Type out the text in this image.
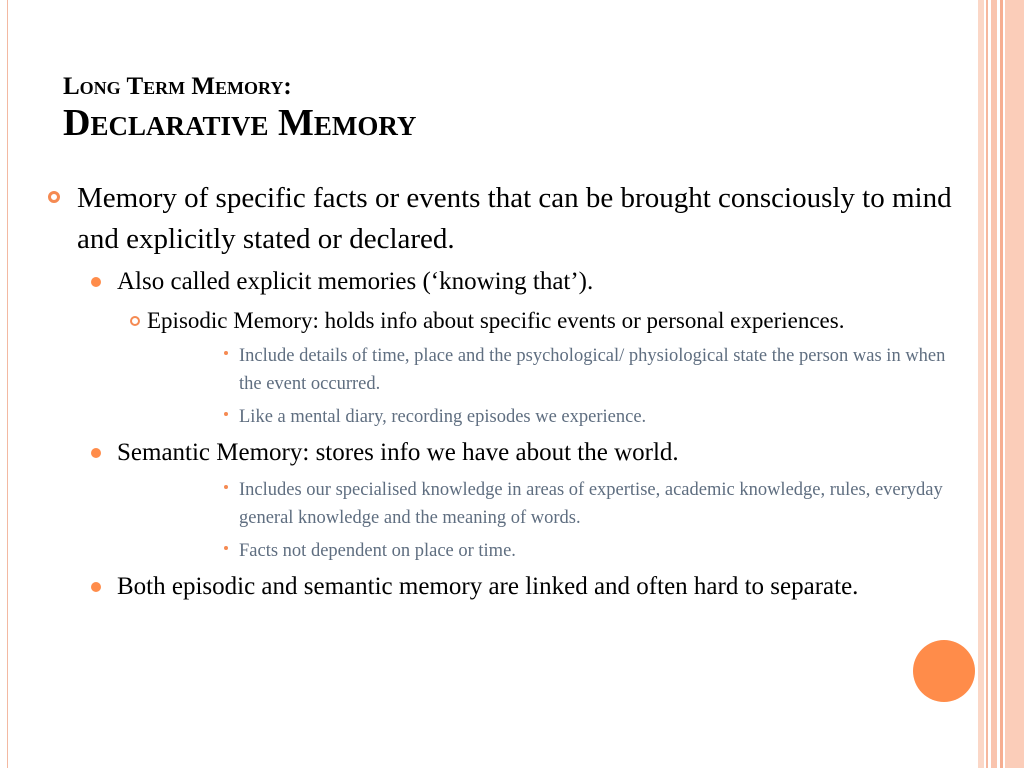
Long Term Memory:

Declarative Memory

Memory of specific facts or events that can be brought consciously to mind and explicitly stated or declared.
Also called explicit memories (‘knowing that’).
Episodic Memory: holds info about specific events or personal experiences.
Include details of time, place and the psychological/ physiological state the person was in when the event occurred.
Like a mental diary, recording episodes we experience.
Semantic Memory: stores info we have about the world.
Includes our specialised knowledge in areas of expertise, academic knowledge, rules, everyday general knowledge and the meaning of words.
Facts not dependent on place or time.
Both episodic and semantic memory are linked and often hard to separate.
